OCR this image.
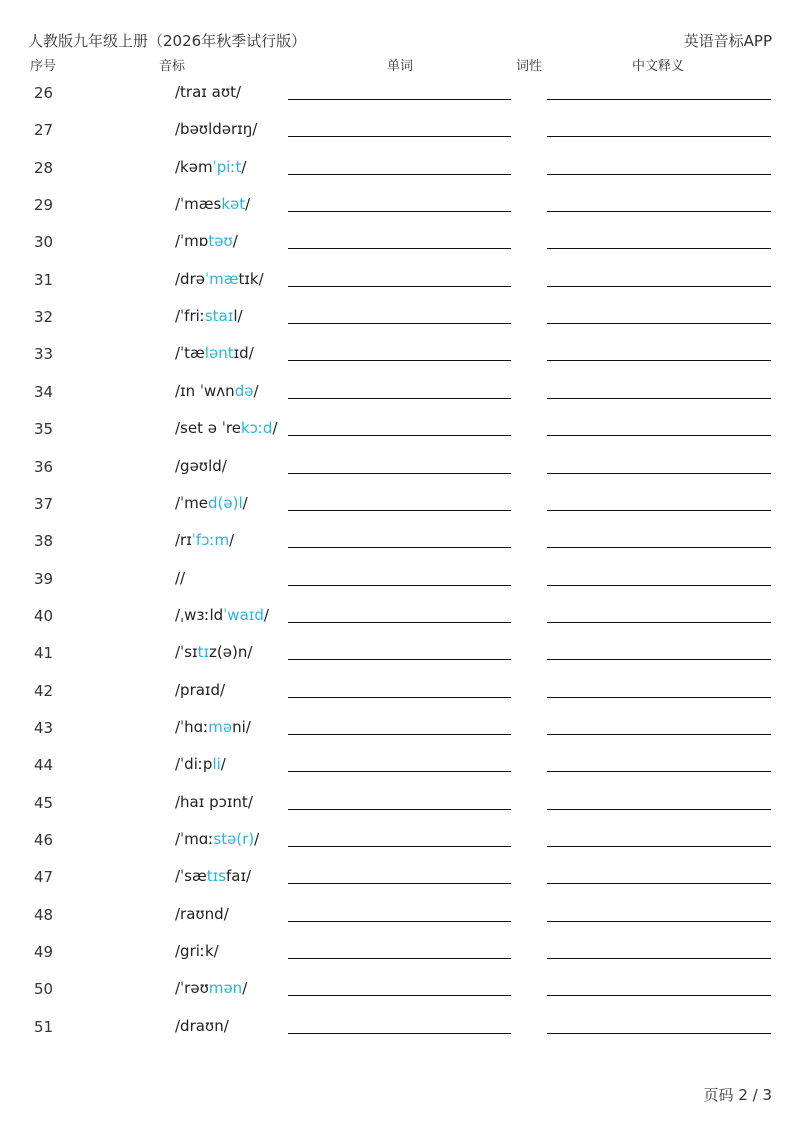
人教版九年级上册（2026年秋季试行版）	英语音标APP
序号	音标	单词	词性	中文释义
26	/traɪ aʊt/
27	/bəʊldərɪŋ/
28	/kəmˈpiːt/
29	/ˈmæskət/
30	/ˈmɒtəʊ/
31	/drəˈmætɪk/
32	/ˈfriːstaɪl/
33	/ˈtæləntɪd/
34	/ɪn ˈwʌndə/
35	/set ə ˈrekɔːd/
36	/gəʊld/
37	/ˈmed(ə)l/
38	/rɪˈfɔːm/
39	//
40	/ˌwɜːldˈwaɪd/
41	/ˈsɪtɪz(ə)n/
42	/praɪd/
43	/ˈhɑːməni/
44	/ˈdiːpli/
45	/haɪ pɔɪnt/
46	/ˈmɑːstə(r)/
47	/ˈsætɪsfaɪ/
48	/raʊnd/
49	/griːk/
50	/ˈrəʊmən/
51	/draʊn/
页码 2 / 3
